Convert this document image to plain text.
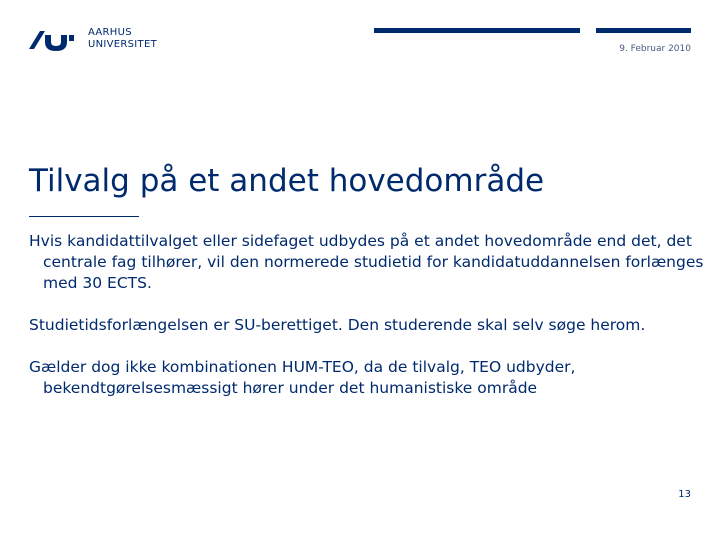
AARHUS
UNIVERSITET	9. Februar 2010
Tilvalg på et andet hovedområde

Hvis kandidattilvalget eller sidefaget udbydes på et andet hovedområde end det, det centrale fag tilhører, vil den normerede studietid for kandidatuddannelsen forlænges med 30 ECTS.

Studietidsforlængelsen er SU-berettiget. Den studerende skal selv søge herom.

Gælder dog ikke kombinationen HUM-TEO, da de tilvalg, TEO udbyder, bekendtgørelsesmæssigt hører under det humanistiske område

13
